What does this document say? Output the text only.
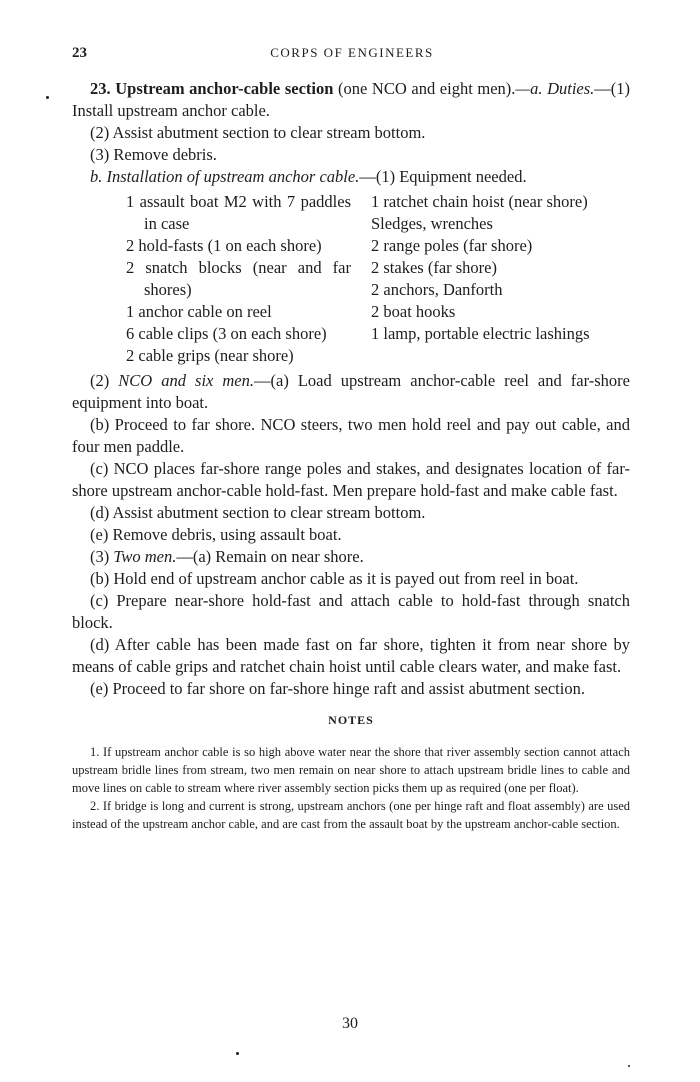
23	CORPS OF ENGINEERS

23. Upstream anchor-cable section (one NCO and eight men).—a. Duties.—(1) Install upstream anchor cable.

(2) Assist abutment section to clear stream bottom.

(3) Remove debris.

b. Installation of upstream anchor cable.—(1) Equipment needed.

1 assault boat M2 with 7 paddles in case

2 hold-fasts (1 on each shore)

2 snatch blocks (near and far shores)

1 anchor cable on reel

6 cable clips (3 on each shore)

2 cable grips (near shore)

1 ratchet chain hoist (near shore)

Sledges, wrenches

2 range poles (far shore)

2 stakes (far shore)

2 anchors, Danforth

2 boat hooks

1 lamp, portable electric lashings

(2) NCO and six men.—(a) Load upstream anchor-cable reel and far-shore equipment into boat.

(b) Proceed to far shore. NCO steers, two men hold reel and pay out cable, and four men paddle.

(c) NCO places far-shore range poles and stakes, and designates location of far-shore upstream anchor-cable hold-fast. Men prepare hold-fast and make cable fast.

(d) Assist abutment section to clear stream bottom.

(e) Remove debris, using assault boat.

(3) Two men.—(a) Remain on near shore.

(b) Hold end of upstream anchor cable as it is payed out from reel in boat.

(c) Prepare near-shore hold-fast and attach cable to hold-fast through snatch block.

(d) After cable has been made fast on far shore, tighten it from near shore by means of cable grips and ratchet chain hoist until cable clears water, and make fast.

(e) Proceed to far shore on far-shore hinge raft and assist abutment section.

NOTES

1. If upstream anchor cable is so high above water near the shore that river assembly section cannot attach upstream bridle lines from stream, two men remain on near shore to attach upstream bridle lines to cable and move lines on cable to stream where river assembly section picks them up as required (one per float).

2. If bridge is long and current is strong, upstream anchors (one per hinge raft and float assembly) are used instead of the upstream anchor cable, and are cast from the assault boat by the upstream anchor-cable section.

30
